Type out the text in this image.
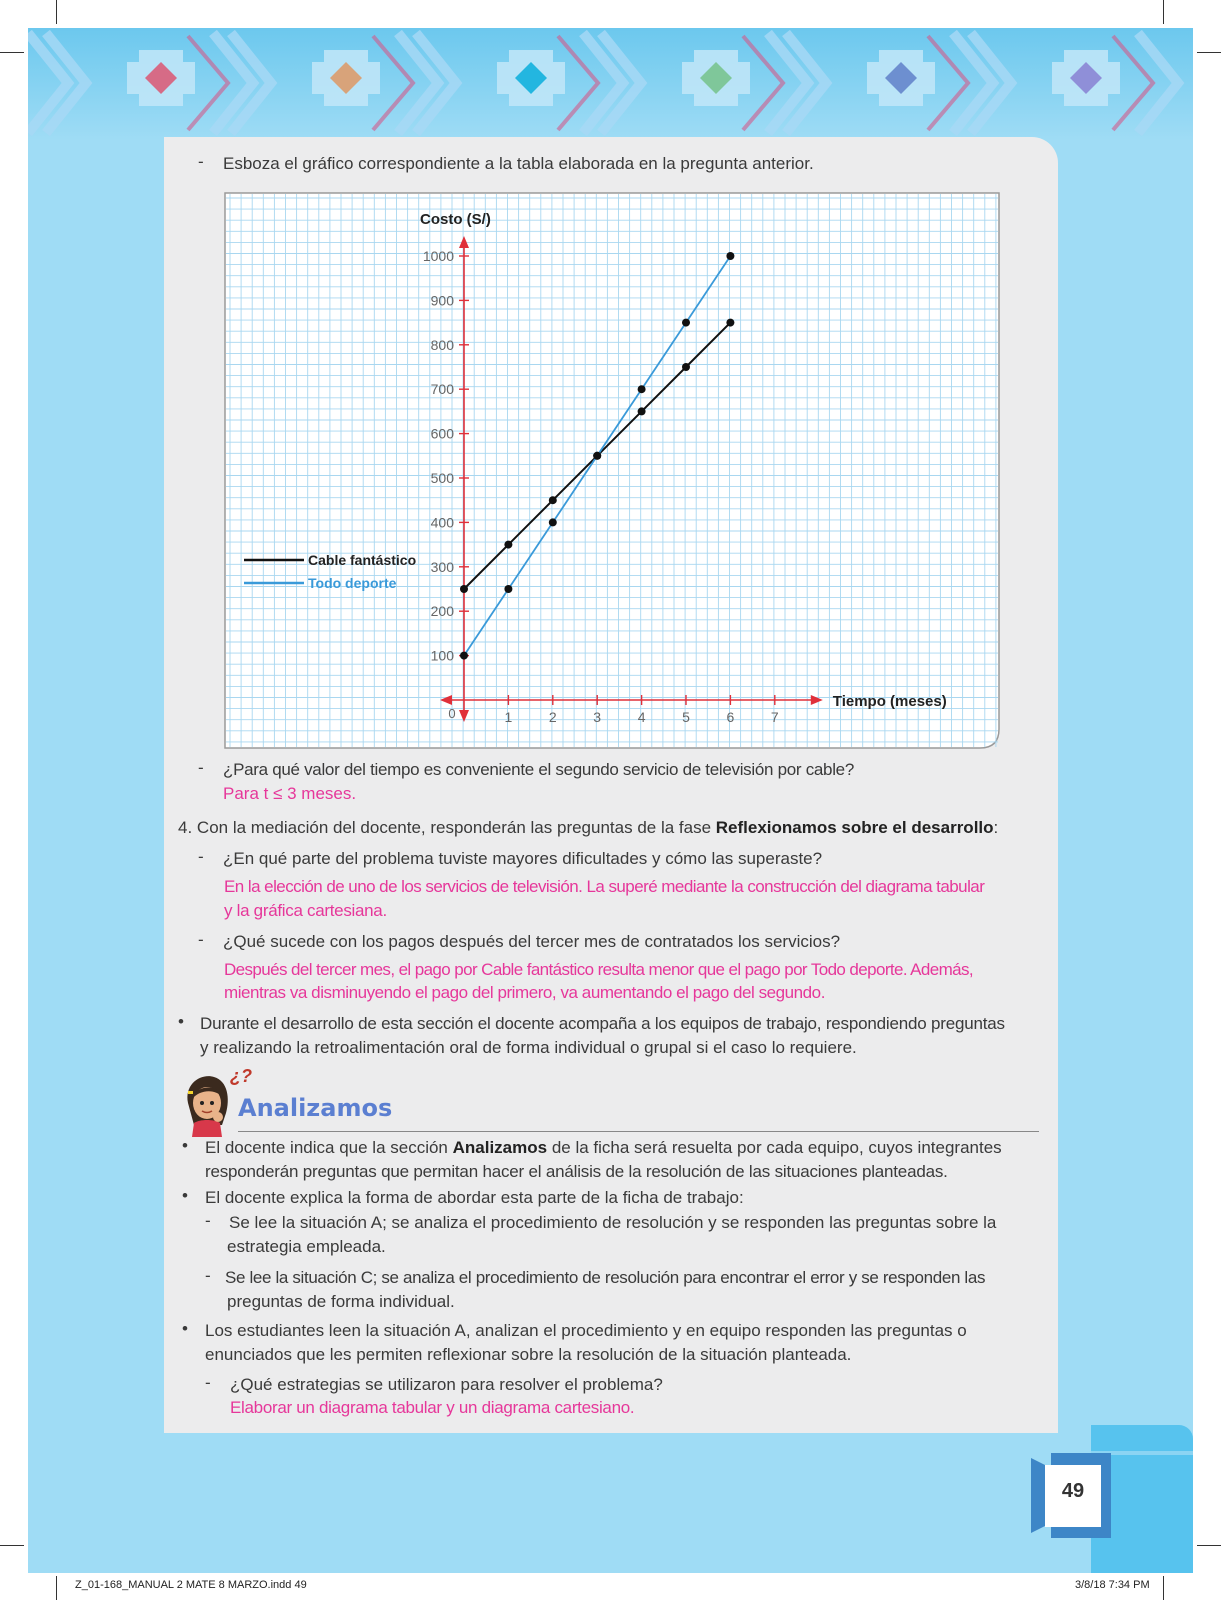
- Esboza el gráfico correspondiente a la tabla elaborada en la pregunta anterior.
100
200
300
400
500
600
700
800
900
1000
1	2	3	4	5	6	7
0
Costo (S/)
Tiempo (meses)
Cable fantástico
Todo deporte
- ¿Para qué valor del tiempo es conveniente el segundo servicio de televisión por cable?
Para t ≤ 3 meses.
4. Con la mediación del docente, responderán las preguntas de la fase Reflexionamos sobre el desarrollo:
- ¿En qué parte del problema tuviste mayores dificultades y cómo las superaste?
En la elección de uno de los servicios de televisión. La superé mediante la construcción del diagrama tabular
y la gráfica cartesiana.
- ¿Qué sucede con los pagos después del tercer mes de contratados los servicios?
Después del tercer mes, el pago por Cable fantástico resulta menor que el pago por Todo deporte. Además,
mientras va disminuyendo el pago del primero, va aumentando el pago del segundo.
• Durante el desarrollo de esta sección el docente acompaña a los equipos de trabajo, respondiendo preguntas
y realizando la retroalimentación oral de forma individual o grupal si el caso lo requiere.
¿?
Analizamos
• El docente indica que la sección Analizamos de la ficha será resuelta por cada equipo, cuyos integrantes
responderán preguntas que permitan hacer el análisis de la resolución de las situaciones planteadas.
• El docente explica la forma de abordar esta parte de la ficha de trabajo:
- Se lee la situación A; se analiza el procedimiento de resolución y se responden las preguntas sobre la
estrategia empleada.
- Se lee la situación C; se analiza el procedimiento de resolución para encontrar el error y se responden las
preguntas de forma individual.
• Los estudiantes leen la situación A, analizan el procedimiento y en equipo responden las preguntas o
enunciados que les permiten reflexionar sobre la resolución de la situación planteada.
- ¿Qué estrategias se utilizaron para resolver el problema?
Elaborar un diagrama tabular y un diagrama cartesiano.
49
Z_01-168_MANUAL 2 MATE 8 MARZO.indd 49	3/8/18 7:34 PM
